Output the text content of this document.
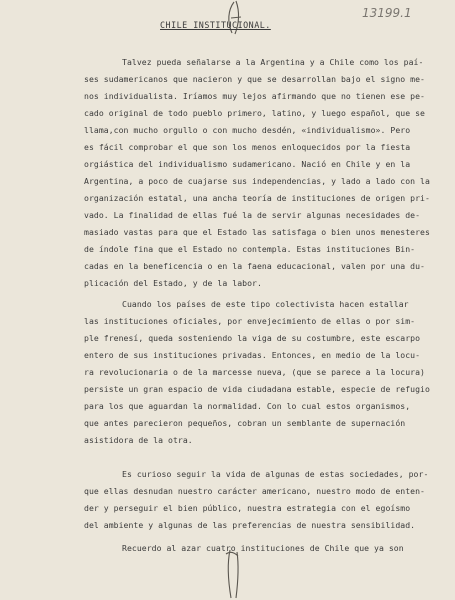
13199.1
CHILE INSTITUCIONAL.
Talvez pueda señalarse a la Argentina y a Chile como los paí-
ses sudamericanos que nacieron y que se desarrollan bajo el signo me-
nos individualista. Iríamos muy lejos afirmando que no tienen ese pe-
cado original de todo pueblo primero, latino, y luego español, que se
llama,con mucho orgullo o con mucho desdén, «individualismo». Pero
es fácil comprobar el que son los menos enloquecidos por la fiesta
orgiástica del individualismo sudamericano. Nació en Chile y en la
Argentina, a poco de cuajarse sus independencias, y lado a lado con la
organización estatal, una ancha teoría de instituciones de origen pri-
vado. La finalidad de ellas fué la de servir algunas necesidades de-
masiado vastas para que el Estado las satisfaga o bien unos menesteres
de índole fina que el Estado no contempla. Estas instituciones Bin-
cadas en la beneficencia o en la faena educacional, valen por una du-
plicación del Estado, y de la labor.
Cuando los países de este tipo colectivista hacen estallar
las instituciones oficiales, por envejecimiento de ellas o por sim-
ple frenesí, queda sosteniendo la viga de su costumbre, este escarpo
entero de sus instituciones privadas. Entonces, en medio de la locu-
ra revolucionaria o de la marcesse nueva, (que se parece a la locura)
persiste un gran espacio de vida ciudadana estable, especie de refugio
para los que aguardan la normalidad. Con lo cual estos organismos,
que antes parecieron pequeños, cobran un semblante de supernación
asistidora de la otra.
Es curioso seguir la vida de algunas de estas sociedades, por-
que ellas desnudan nuestro carácter americano, nuestro modo de enten-
der y perseguir el bien público, nuestra estrategia con el egoísmo
del ambiente y algunas de las preferencias de nuestra sensibilidad.
Recuerdo al azar cuatro instituciones de Chile que ya son
